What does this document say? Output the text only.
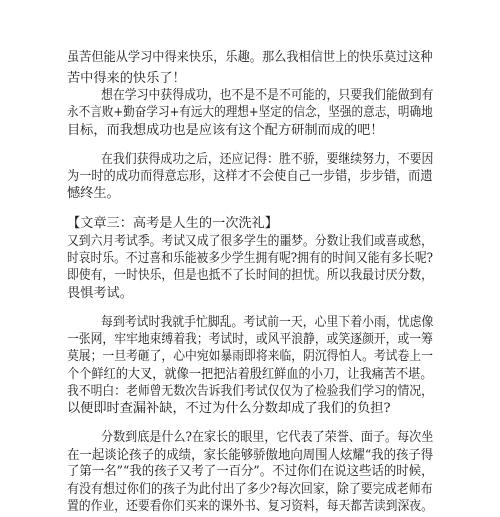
虽苦但能从学习中得来快乐，乐趣。那么我相信世上的快乐莫过这种
苦中得来的快乐了！
想在学习中获得成功，也不是不是不可能的，只要我们能做到有
永不言败+勤奋学习+有远大的理想+坚定的信念，坚强的意志，明确地
目标，而我想成功也是应该有这个配方研制而成的吧！
在我们获得成功之后，还应记得：胜不骄，要继续努力，不要因
为一时的成功而得意忘形，这样才不会使自己一步错，步步错，而遗
憾终生。
【文章三：高考是人生的一次洗礼】
又到六月考试季。考试又成了很多学生的噩梦。分数让我们或喜或愁，
时哀时乐。不过喜和乐能被多少学生拥有呢?拥有的时间又能有多长呢?
即使有，一时快乐，但是也抵不了长时间的担忧。所以我最讨厌分数，
畏惧考试。
每到考试时我就手忙脚乱。考试前一天，心里下着小雨，忧虑像
一张网，牢牢地束缚着我；考试时，或风平浪静，或笑逐颜开，或一筹
莫展；一旦考砸了，心中宛如暴雨即将来临，阴沉得怕人。考试卷上一
个个鲜红的大叉，就像一把把沾着殷红鲜血的小刀，让我痛苦不堪。
我不明白：老师曾无数次告诉我们考试仅仅为了检验我们学习的情况，
以便即时查漏补缺，不过为什么分数却成了我们的负担?
分数到底是什么?在家长的眼里，它代表了荣誉、面子。每次坐
在一起谈论孩子的成绩，家长能够骄傲地向周围人炫耀“我的孩子得
了第一名”“我的孩子又考了一百分”。不过你们在说这些话的时候，
有没有想过你们的孩子为此付出了多少?每次回家，除了要完成老师布
置的作业，还要看你们买来的课外书、复习资料，每天都苦读到深夜。
